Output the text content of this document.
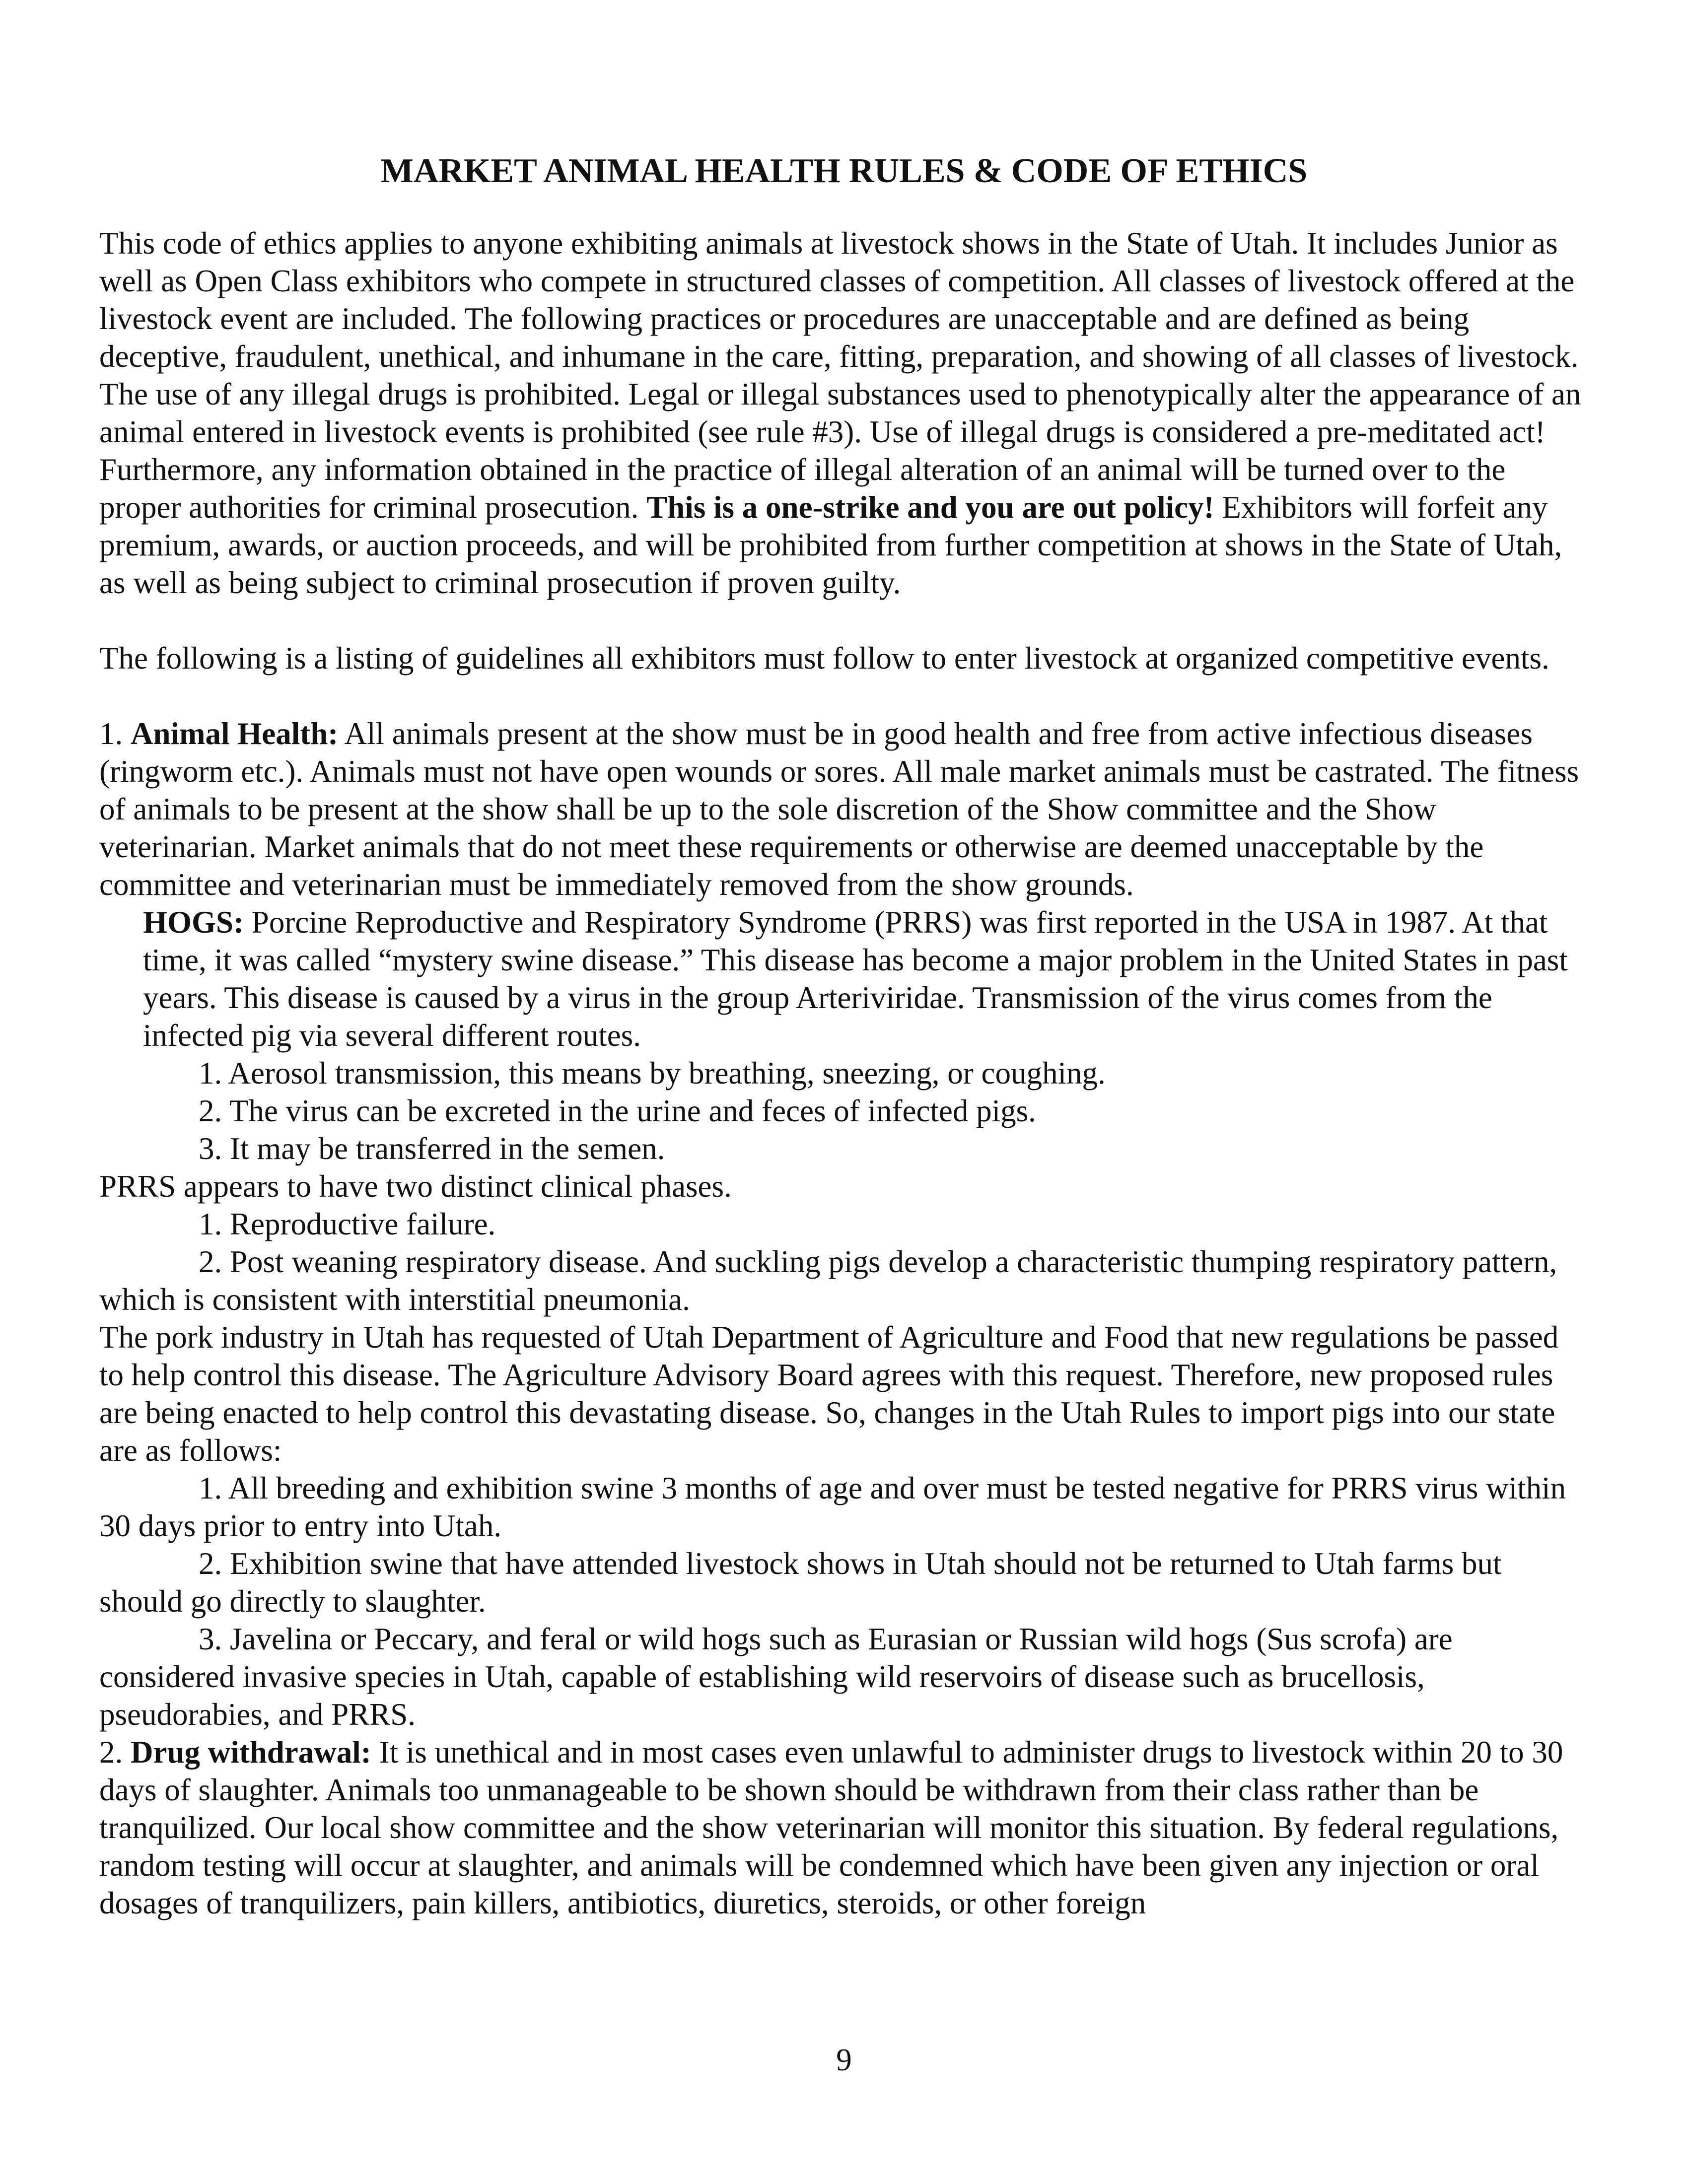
MARKET ANIMAL HEALTH RULES & CODE OF ETHICS

This code of ethics applies to anyone exhibiting animals at livestock shows in the State of Utah. It includes Junior as well as Open Class exhibitors who compete in structured classes of competition. All classes of livestock offered at the livestock event are included. The following practices or procedures are unacceptable and are defined as being deceptive, fraudulent, unethical, and inhumane in the care, fitting, preparation, and showing of all classes of livestock. The use of any illegal drugs is prohibited. Legal or illegal substances used to phenotypically alter the appearance of an animal entered in livestock events is prohibited (see rule #3). Use of illegal drugs is considered a pre-meditated act! Furthermore, any information obtained in the practice of illegal alteration of an animal will be turned over to the proper authorities for criminal prosecution. This is a one-strike and you are out policy! Exhibitors will forfeit any premium, awards, or auction proceeds, and will be prohibited from further competition at shows in the State of Utah, as well as being subject to criminal prosecution if proven guilty.

The following is a listing of guidelines all exhibitors must follow to enter livestock at organized competitive events.

1. Animal Health: All animals present at the show must be in good health and free from active infectious diseases (ringworm etc.). Animals must not have open wounds or sores. All male market animals must be castrated. The fitness of animals to be present at the show shall be up to the sole discretion of the Show committee and the Show veterinarian. Market animals that do not meet these requirements or otherwise are deemed unacceptable by the committee and veterinarian must be immediately removed from the show grounds.

HOGS: Porcine Reproductive and Respiratory Syndrome (PRRS) was first reported in the USA in 1987. At that time, it was called “mystery swine disease.” This disease has become a major problem in the United States in past years. This disease is caused by a virus in the group Arteriviridae. Transmission of the virus comes from the infected pig via several different routes.

1. Aerosol transmission, this means by breathing, sneezing, or coughing.

2. The virus can be excreted in the urine and feces of infected pigs.

3. It may be transferred in the semen.

PRRS appears to have two distinct clinical phases.

1. Reproductive failure.

2. Post weaning respiratory disease. And suckling pigs develop a characteristic thumping respiratory pattern, which is consistent with interstitial pneumonia.

The pork industry in Utah has requested of Utah Department of Agriculture and Food that new regulations be passed to help control this disease. The Agriculture Advisory Board agrees with this request. Therefore, new proposed rules are being enacted to help control this devastating disease. So, changes in the Utah Rules to import pigs into our state are as follows:

1. All breeding and exhibition swine 3 months of age and over must be tested negative for PRRS virus within 30 days prior to entry into Utah.

2. Exhibition swine that have attended livestock shows in Utah should not be returned to Utah farms but should go directly to slaughter.

3. Javelina or Peccary, and feral or wild hogs such as Eurasian or Russian wild hogs (Sus scrofa) are considered invasive species in Utah, capable of establishing wild reservoirs of disease such as brucellosis, pseudorabies, and PRRS.

2. Drug withdrawal: It is unethical and in most cases even unlawful to administer drugs to livestock within 20 to 30 days of slaughter. Animals too unmanageable to be shown should be withdrawn from their class rather than be tranquilized. Our local show committee and the show veterinarian will monitor this situation. By federal regulations, random testing will occur at slaughter, and animals will be condemned which have been given any injection or oral dosages of tranquilizers, pain killers, antibiotics, diuretics, steroids, or other foreign

9
